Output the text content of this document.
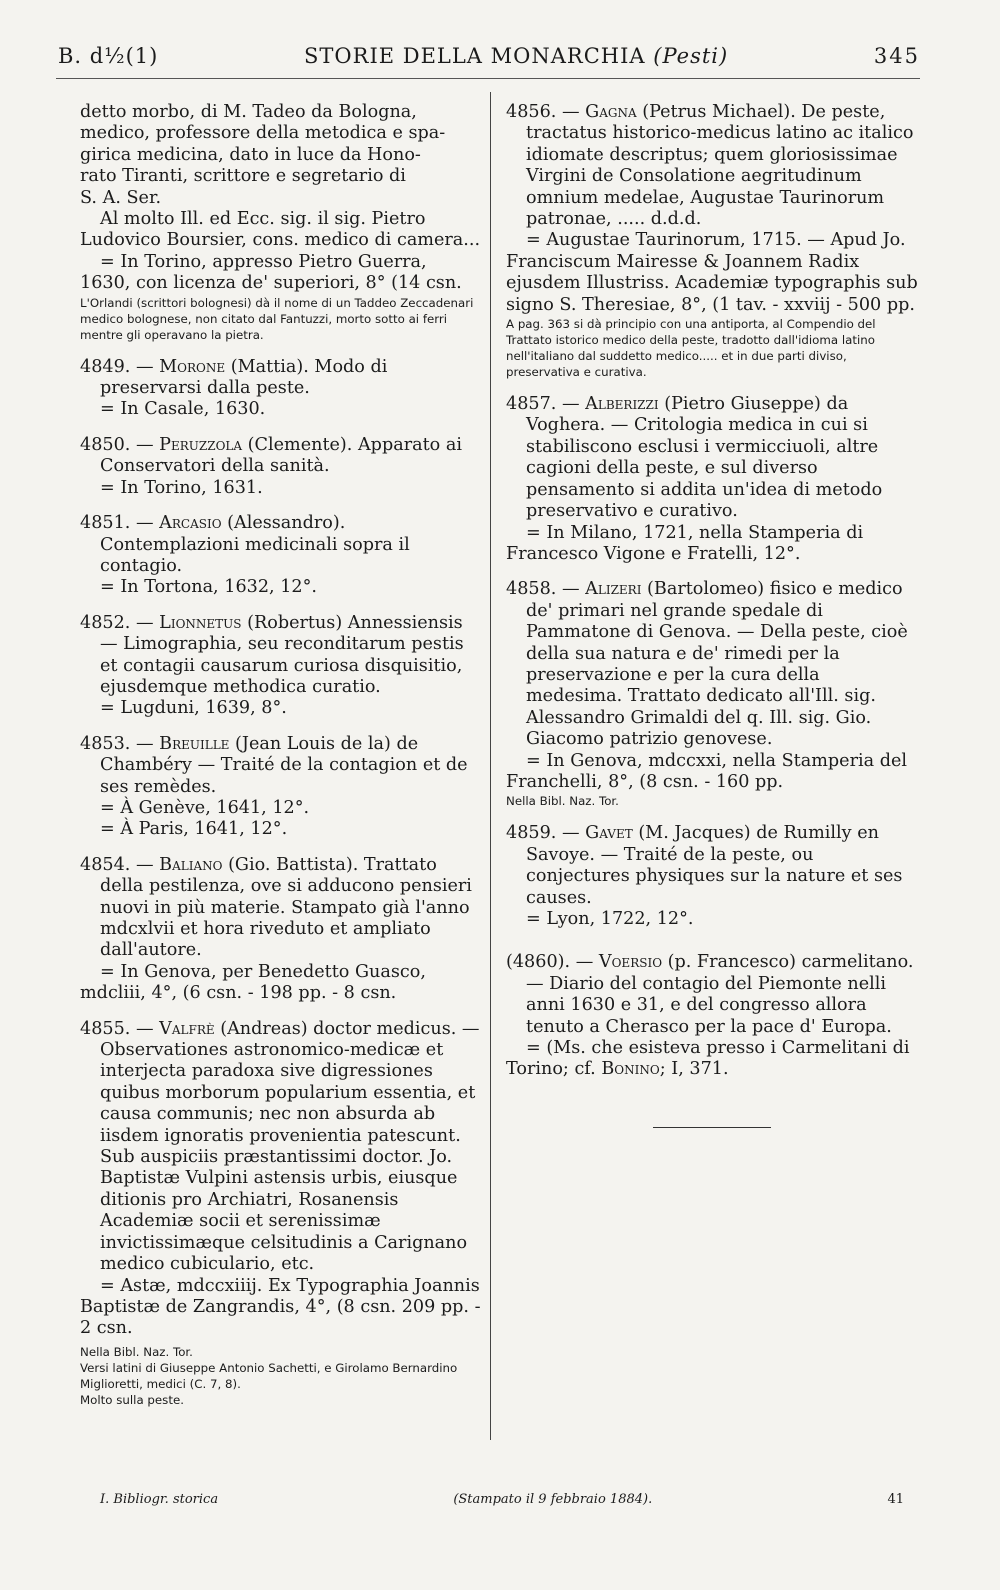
B. d½(1)	STORIE DELLA MONARCHIA (Pesti)	345

detto morbo, di M. Tadeo da Bologna,

medico, professore della metodica e spa-

girica medicina, dato in luce da Hono-

rato Tiranti, scrittore e segretario di

S. A. Ser.

Al molto Ill. ed Ecc. sig. il sig. Pietro Ludovico Boursier, cons. medico di camera...

= In Torino, appresso Pietro Guerra, 1630, con licenza de' superiori, 8° (14 csn.

L'Orlandi (scrittori bolognesi) dà il nome di un Taddeo Zeccadenari medico bolognese, non citato dal Fantuzzi, morto sotto ai ferri mentre gli operavano la pietra.

4849. — Morone (Mattia). Modo di preservarsi dalla peste.

= In Casale, 1630.

4850. — Peruzzola (Clemente). Apparato ai Conservatori della sanità.

= In Torino, 1631.

4851. — Arcasio (Alessandro). Contemplazioni medicinali sopra il contagio.

= In Tortona, 1632, 12°.

4852. — Lionnetus (Robertus) Annessiensis — Limographia, seu reconditarum pestis et contagii causarum curiosa disquisitio, ejusdemque methodica curatio.

= Lugduni, 1639, 8°.

4853. — Breuille (Jean Louis de la) de Chambéry — Traité de la contagion et de ses remèdes.

= À Genève, 1641, 12°.

= À Paris, 1641, 12°.

4854. — Baliano (Gio. Battista). Trattato della pestilenza, ove si adducono pensieri nuovi in più materie. Stampato già l'anno mdcxlvii et hora riveduto et ampliato dall'autore.

= In Genova, per Benedetto Guasco, mdcliii, 4°, (6 csn. - 198 pp. - 8 csn.

4855. — Valfrè (Andreas) doctor medicus. — Observationes astronomico-medicæ et interjecta paradoxa sive digressiones quibus morborum popularium essentia, et causa communis; nec non absurda ab iisdem ignoratis provenientia patescunt. Sub auspiciis præstantissimi doctor. Jo. Baptistæ Vulpini astensis urbis, eiusque ditionis pro Archiatri, Rosanensis Academiæ socii et serenissimæ invictissimæque celsitudinis a Carignano medico cubiculario, etc.

= Astæ, mdccxiiij. Ex Typographia Joannis Baptistæ de Zangrandis, 4°, (8 csn. 209 pp. - 2 csn.

Nella Bibl. Naz. Tor.

Versi latini di Giuseppe Antonio Sachetti, e Girolamo Bernardino Miglioretti, medici (C. 7, 8).

Molto sulla peste.

4856. — Gagna (Petrus Michael). De peste, tractatus historico-medicus latino ac italico idiomate descriptus; quem gloriosissimae Virgini de Consolatione aegritudinum omnium medelae, Augustae Taurinorum patronae, ..... d.d.d.

= Augustae Taurinorum, 1715. — Apud Jo. Franciscum Mairesse & Joannem Radix ejusdem Illustriss. Academiæ typographis sub signo S. Theresiae, 8°, (1 tav. - xxviij - 500 pp.

A pag. 363 si dà principio con una antiporta, al Compendio del Trattato istorico medico della peste, tradotto dall'idioma latino nell'italiano dal suddetto medico..... et in due parti diviso, preservativa e curativa.

4857. — Alberizzi (Pietro Giuseppe) da Voghera. — Critologia medica in cui si stabiliscono esclusi i vermicciuoli, altre cagioni della peste, e sul diverso pensamento si addita un'idea di metodo preservativo e curativo.

= In Milano, 1721, nella Stamperia di Francesco Vigone e Fratelli, 12°.

4858. — Alizeri (Bartolomeo) fisico e medico de' primari nel grande spedale di Pammatone di Genova. — Della peste, cioè della sua natura e de' rimedi per la preservazione e per la cura della medesima. Trattato dedicato all'Ill. sig. Alessandro Grimaldi del q. Ill. sig. Gio. Giacomo patrizio genovese.

= In Genova, mdccxxi, nella Stamperia del Franchelli, 8°, (8 csn. - 160 pp.

Nella Bibl. Naz. Tor.

4859. — Gavet (M. Jacques) de Rumilly en Savoye. — Traité de la peste, ou conjectures physiques sur la nature et ses causes.

= Lyon, 1722, 12°.

(4860). — Voersio (p. Francesco) carmelitano. — Diario del contagio del Piemonte nelli anni 1630 e 31, e del congresso allora tenuto a Cherasco per la pace d' Europa.

= (Ms. che esisteva presso i Carmelitani di Torino; cf. Bonino; I, 371.

I. Bibliogr. storica	(Stampato il 9 febbraio 1884).	41
